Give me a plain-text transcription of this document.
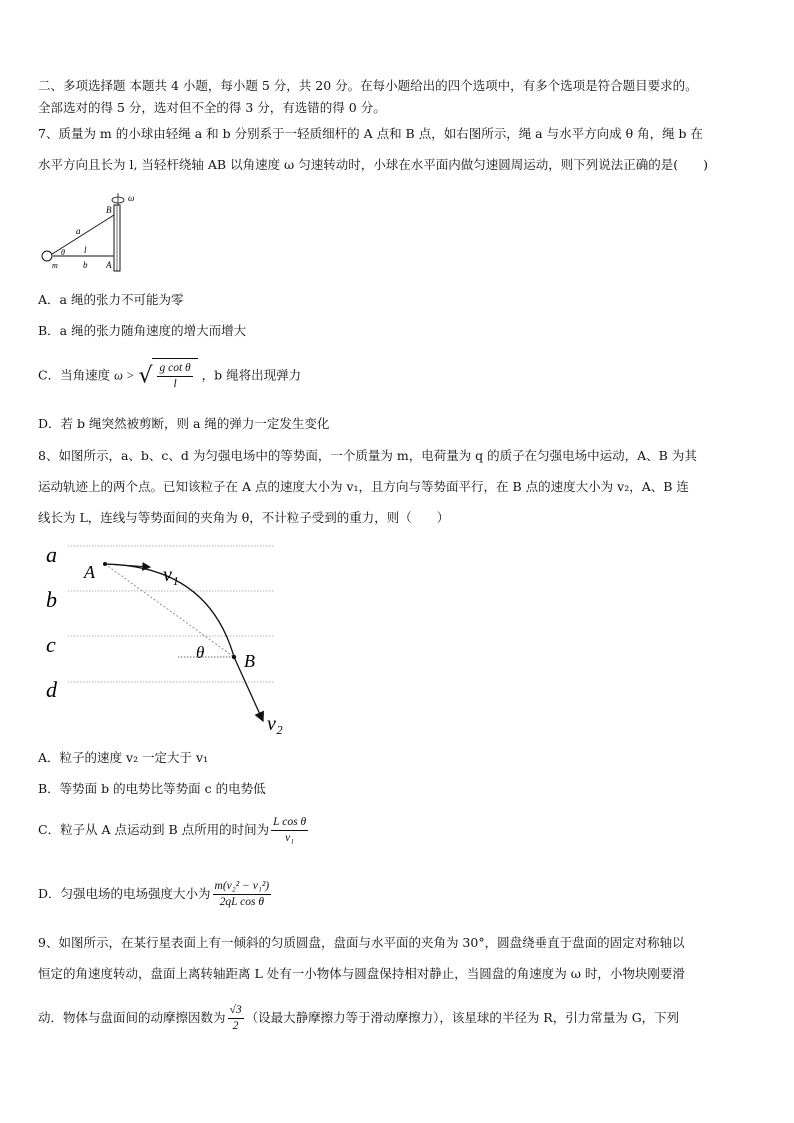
二、多项选择题 本题共 4 小题，每小题 5 分，共 20 分。在每小题给出的四个选项中，有多个选项是符合题目要求的。
全部选对的得 5 分，选对但不全的得 3 分，有选错的得 0 分。
7、质量为 m 的小球由轻绳 a 和 b 分别系于一轻质细杆的 A 点和 B 点，如右图所示，绳 a 与水平方向成 θ 角，绳 b 在
水平方向且长为 l, 当轻杆绕轴 AB 以角速度 ω 匀速转动时，小球在水平面内做匀速圆周运动，则下列说法正确的是(　　)
B
ω
a
θ l
m	b A
A．a 绳的张力不可能为零
B．a 绳的张力随角速度的增大而增大
C．当角速度 ω > √ $\frac{\text{g cot θ}}{l}$ ，b 绳将出现弹力
D．若 b 绳突然被剪断，则 a 绳的弹力一定发生变化
8、如图所示，a、b、c、d 为匀强电场中的等势面，一个质量为 m，电荷量为 q 的质子在匀强电场中运动，A、B 为其
运动轨迹上的两个点。已知该粒子在 A 点的速度大小为 v₁，且方向与等势面平行，在 B 点的速度大小为 v₂，A、B 连
线长为 L，连线与等势面间的夹角为 θ，不计粒子受到的重力，则（　　）
a
b
c
d
A	v₁
θ B
v₂
A．粒子的速度 v₂ 一定大于 v₁
B．等势面 b 的电势比等势面 c 的电势低
C．粒子从 A 点运动到 B 点所用的时间为 $\frac{\text{L cos θ}}{\text{v₁}}$
D．匀强电场的电场强度大小为 $\frac{\text{m(v₂² − v₁²)}}{\text{2qL cos θ}}$
9、如图所示，在某行星表面上有一倾斜的匀质圆盘，盘面与水平面的夹角为 30°，圆盘绕垂直于盘面的固定对称轴以
恒定的角速度转动，盘面上离转轴距离 L 处有一小物体与圆盘保持相对静止，当圆盘的角速度为 ω 时，小物块刚要滑
动．物体与盘面间的动摩擦因数为 $\frac{√3}{2}$ （设最大静摩擦力等于滑动摩擦力），该星球的半径为 R，引力常量为 G，下列
